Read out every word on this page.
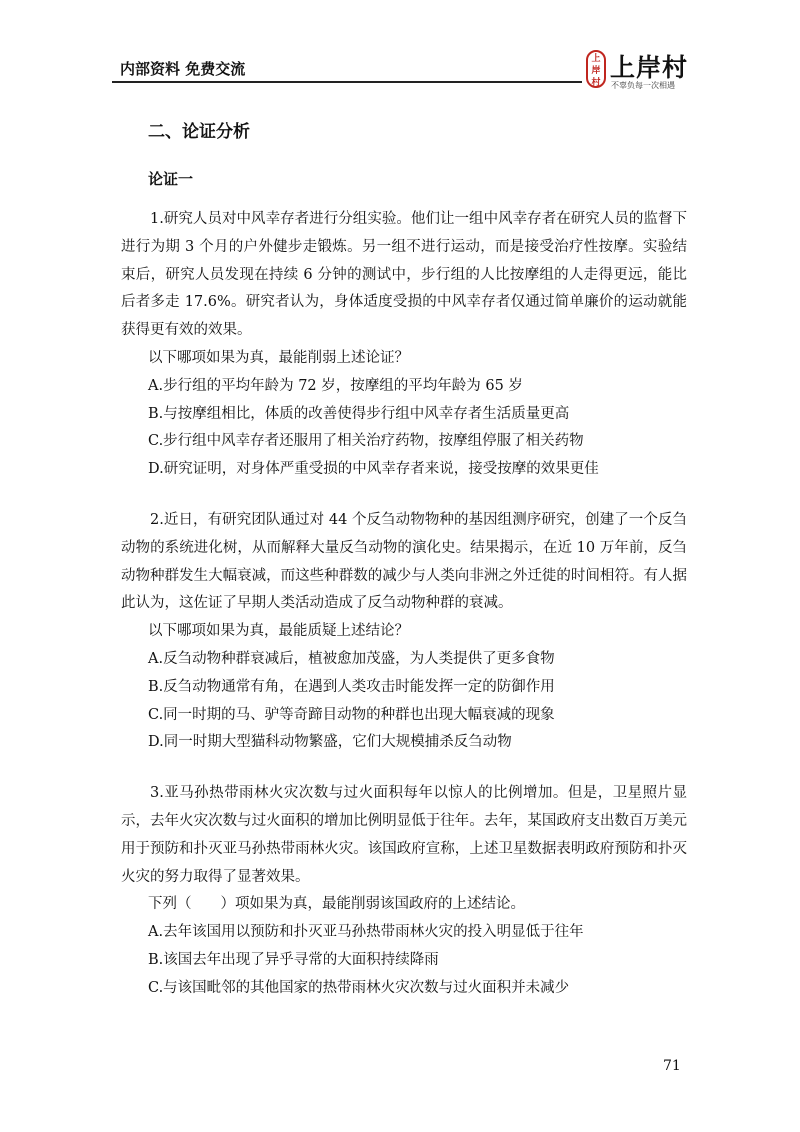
内部资料 免费交流
上
岸
村
上岸村
不辜负每一次相遇
二、论证分析
论证一

1.研究人员对中风幸存者进行分组实验。他们让一组中风幸存者在研究人员的监督下进行为期 3 个月的户外健步走锻炼。另一组不进行运动，而是接受治疗性按摩。实验结束后，研究人员发现在持续 6 分钟的测试中，步行组的人比按摩组的人走得更远，能比后者多走 17.6%。研究者认为，身体适度受损的中风幸存者仅通过简单廉价的运动就能获得更有效的效果。

以下哪项如果为真，最能削弱上述论证？

A.步行组的平均年龄为 72 岁，按摩组的平均年龄为 65 岁

B.与按摩组相比，体质的改善使得步行组中风幸存者生活质量更高

C.步行组中风幸存者还服用了相关治疗药物，按摩组停服了相关药物

D.研究证明，对身体严重受损的中风幸存者来说，接受按摩的效果更佳

2.近日，有研究团队通过对 44 个反刍动物物种的基因组测序研究，创建了一个反刍动物的系统进化树，从而解释大量反刍动物的演化史。结果揭示，在近 10 万年前，反刍动物种群发生大幅衰减，而这些种群数的减少与人类向非洲之外迁徙的时间相符。有人据此认为，这佐证了早期人类活动造成了反刍动物种群的衰减。

以下哪项如果为真，最能质疑上述结论？

A.反刍动物种群衰减后，植被愈加茂盛，为人类提供了更多食物

B.反刍动物通常有角，在遇到人类攻击时能发挥一定的防御作用

C.同一时期的马、驴等奇蹄目动物的种群也出现大幅衰减的现象

D.同一时期大型猫科动物繁盛，它们大规模捕杀反刍动物

3.亚马孙热带雨林火灾次数与过火面积每年以惊人的比例增加。但是，卫星照片显示，去年火灾次数与过火面积的增加比例明显低于往年。去年，某国政府支出数百万美元用于预防和扑灭亚马孙热带雨林火灾。该国政府宣称，上述卫星数据表明政府预防和扑灭火灾的努力取得了显著效果。

下列（　　）项如果为真，最能削弱该国政府的上述结论。

A.去年该国用以预防和扑灭亚马孙热带雨林火灾的投入明显低于往年

B.该国去年出现了异乎寻常的大面积持续降雨

C.与该国毗邻的其他国家的热带雨林火灾次数与过火面积并未减少

71
